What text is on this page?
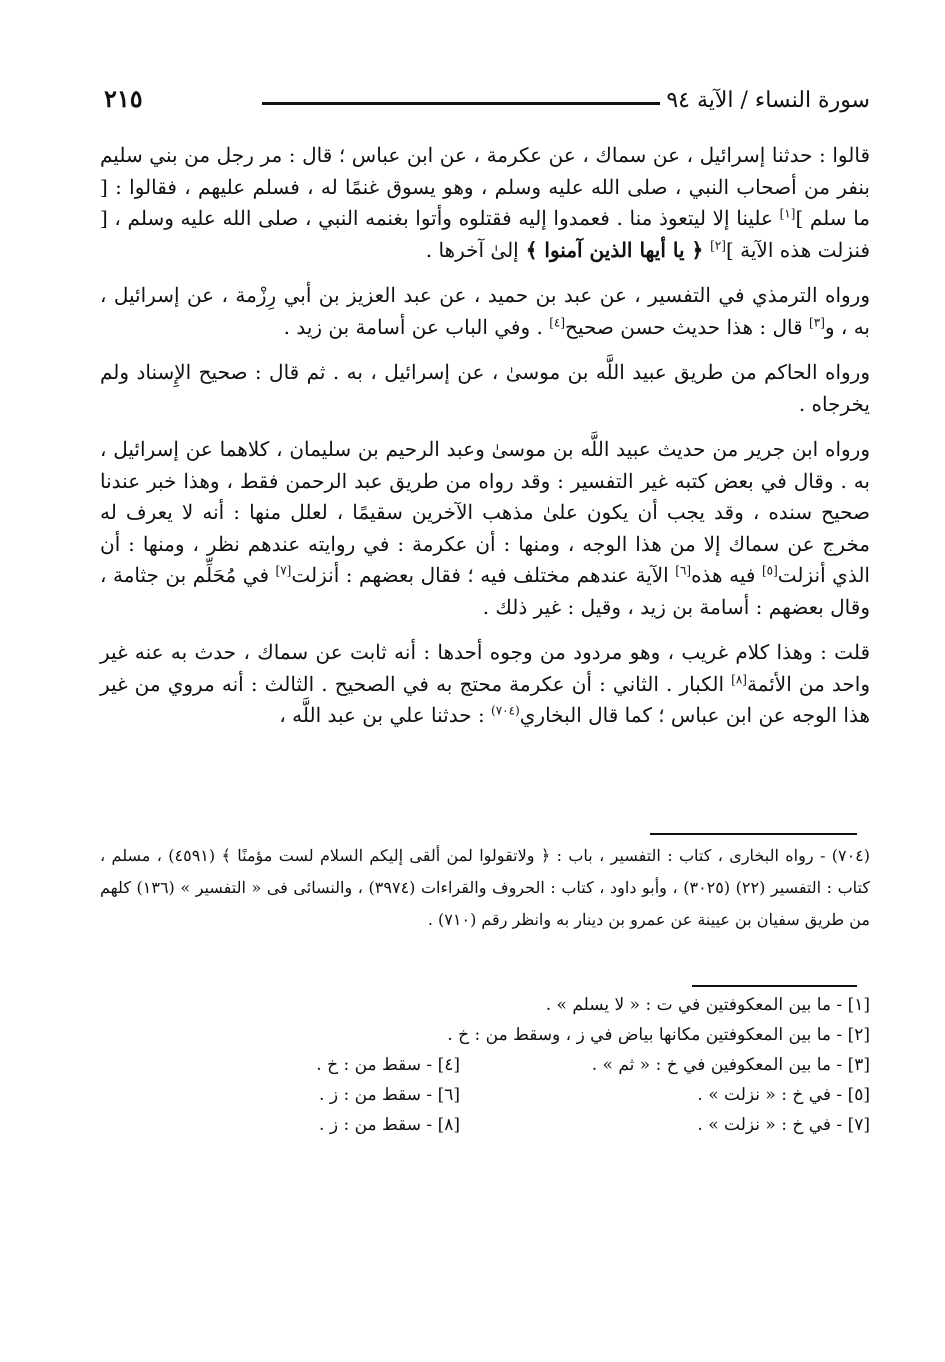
٢١٥	سورة النساء / الآية ٩٤

قالوا : حدثنا إسرائيل ، عن سماك ، عن عكرمة ، عن ابن عباس ؛ قال : مر رجل من بني سليم بنفر من أصحاب النبي ، صلى الله عليه وسلم ، وهو يسوق غنمًا له ، فسلم عليهم ، فقالوا : [ ما سلم ][١] علينا إلا ليتعوذ منا . فعمدوا إليه فقتلوه وأتوا بغنمه النبي ، صلى الله عليه وسلم ، [ فنزلت هذه الآية ][٢] ﴿ يا أيها الذين آمنوا ﴾ إلىٰ آخرها .

ورواه الترمذي في التفسير ، عن عبد بن حميد ، عن عبد العزيز بن أبي رِزْمة ، عن إسرائيل ، به ، و[٣] قال : هذا حديث حسن صحيح[٤] . وفي الباب عن أسامة بن زيد .

ورواه الحاكم من طريق عبيد اللَّه بن موسىٰ ، عن إسرائيل ، به . ثم قال : صحيح الإِسناد ولم يخرجاه .

ورواه ابن جرير من حديث عبيد اللَّه بن موسىٰ وعبد الرحيم بن سليمان ، كلاهما عن إسرائيل ، به . وقال في بعض كتبه غير التفسير : وقد رواه من طريق عبد الرحمن فقط ، وهذا خبر عندنا صحيح سنده ، وقد يجب أن يكون علىٰ مذهب الآخرين سقيمًا ، لعلل منها : أنه لا يعرف له مخرج عن سماك إلا من هذا الوجه ، ومنها : أن عكرمة : في روايته عندهم نظر ، ومنها : أن الذي أنزلت[٥] فيه هذه[٦] الآية عندهم مختلف فيه ؛ فقال بعضهم : أنزلت[٧] في مُحَلِّم بن جثامة ، وقال بعضهم : أسامة بن زيد ، وقيل : غير ذلك .

قلت : وهذا كلام غريب ، وهو مردود من وجوه أحدها : أنه ثابت عن سماك ، حدث به عنه غير واحد من الأئمة[٨] الكبار . الثاني : أن عكرمة محتج به في الصحيح . الثالث : أنه مروي من غير هذا الوجه عن ابن عباس ؛ كما قال البخاري$^{(٧٠٤)}$ : حدثنا علي بن عبد اللَّه ،

(٧٠٤) - رواه البخارى ، كتاب : التفسير ، باب : ﴿ ولاتقولوا لمن ألقى إليكم السلام لست مؤمنًا ﴾ (٤٥٩١) ، مسلم ، كتاب : التفسير (٢٢) (٣٠٢٥) ، وأبو داود ، كتاب : الحروف والقراءات (٣٩٧٤) ، والنسائى فى « التفسير » (١٣٦) كلهم من طريق سفيان بن عيينة عن عمرو بن دينار به وانظر رقم (٧١٠) .

[١] - ما بين المعكوفتين في ت : « لا يسلم » .
[٢] - ما بين المعكوفتين مكانها بياض في ز ، وسقط من : خ .
[٣] - ما بين المعكوفين في خ : « ثم » .
[٤] - سقط من : خ .
[٥] - في خ : « نزلت » .
[٦] - سقط من : ز .
[٧] - في خ : « نزلت » .
[٨] - سقط من : ز .
